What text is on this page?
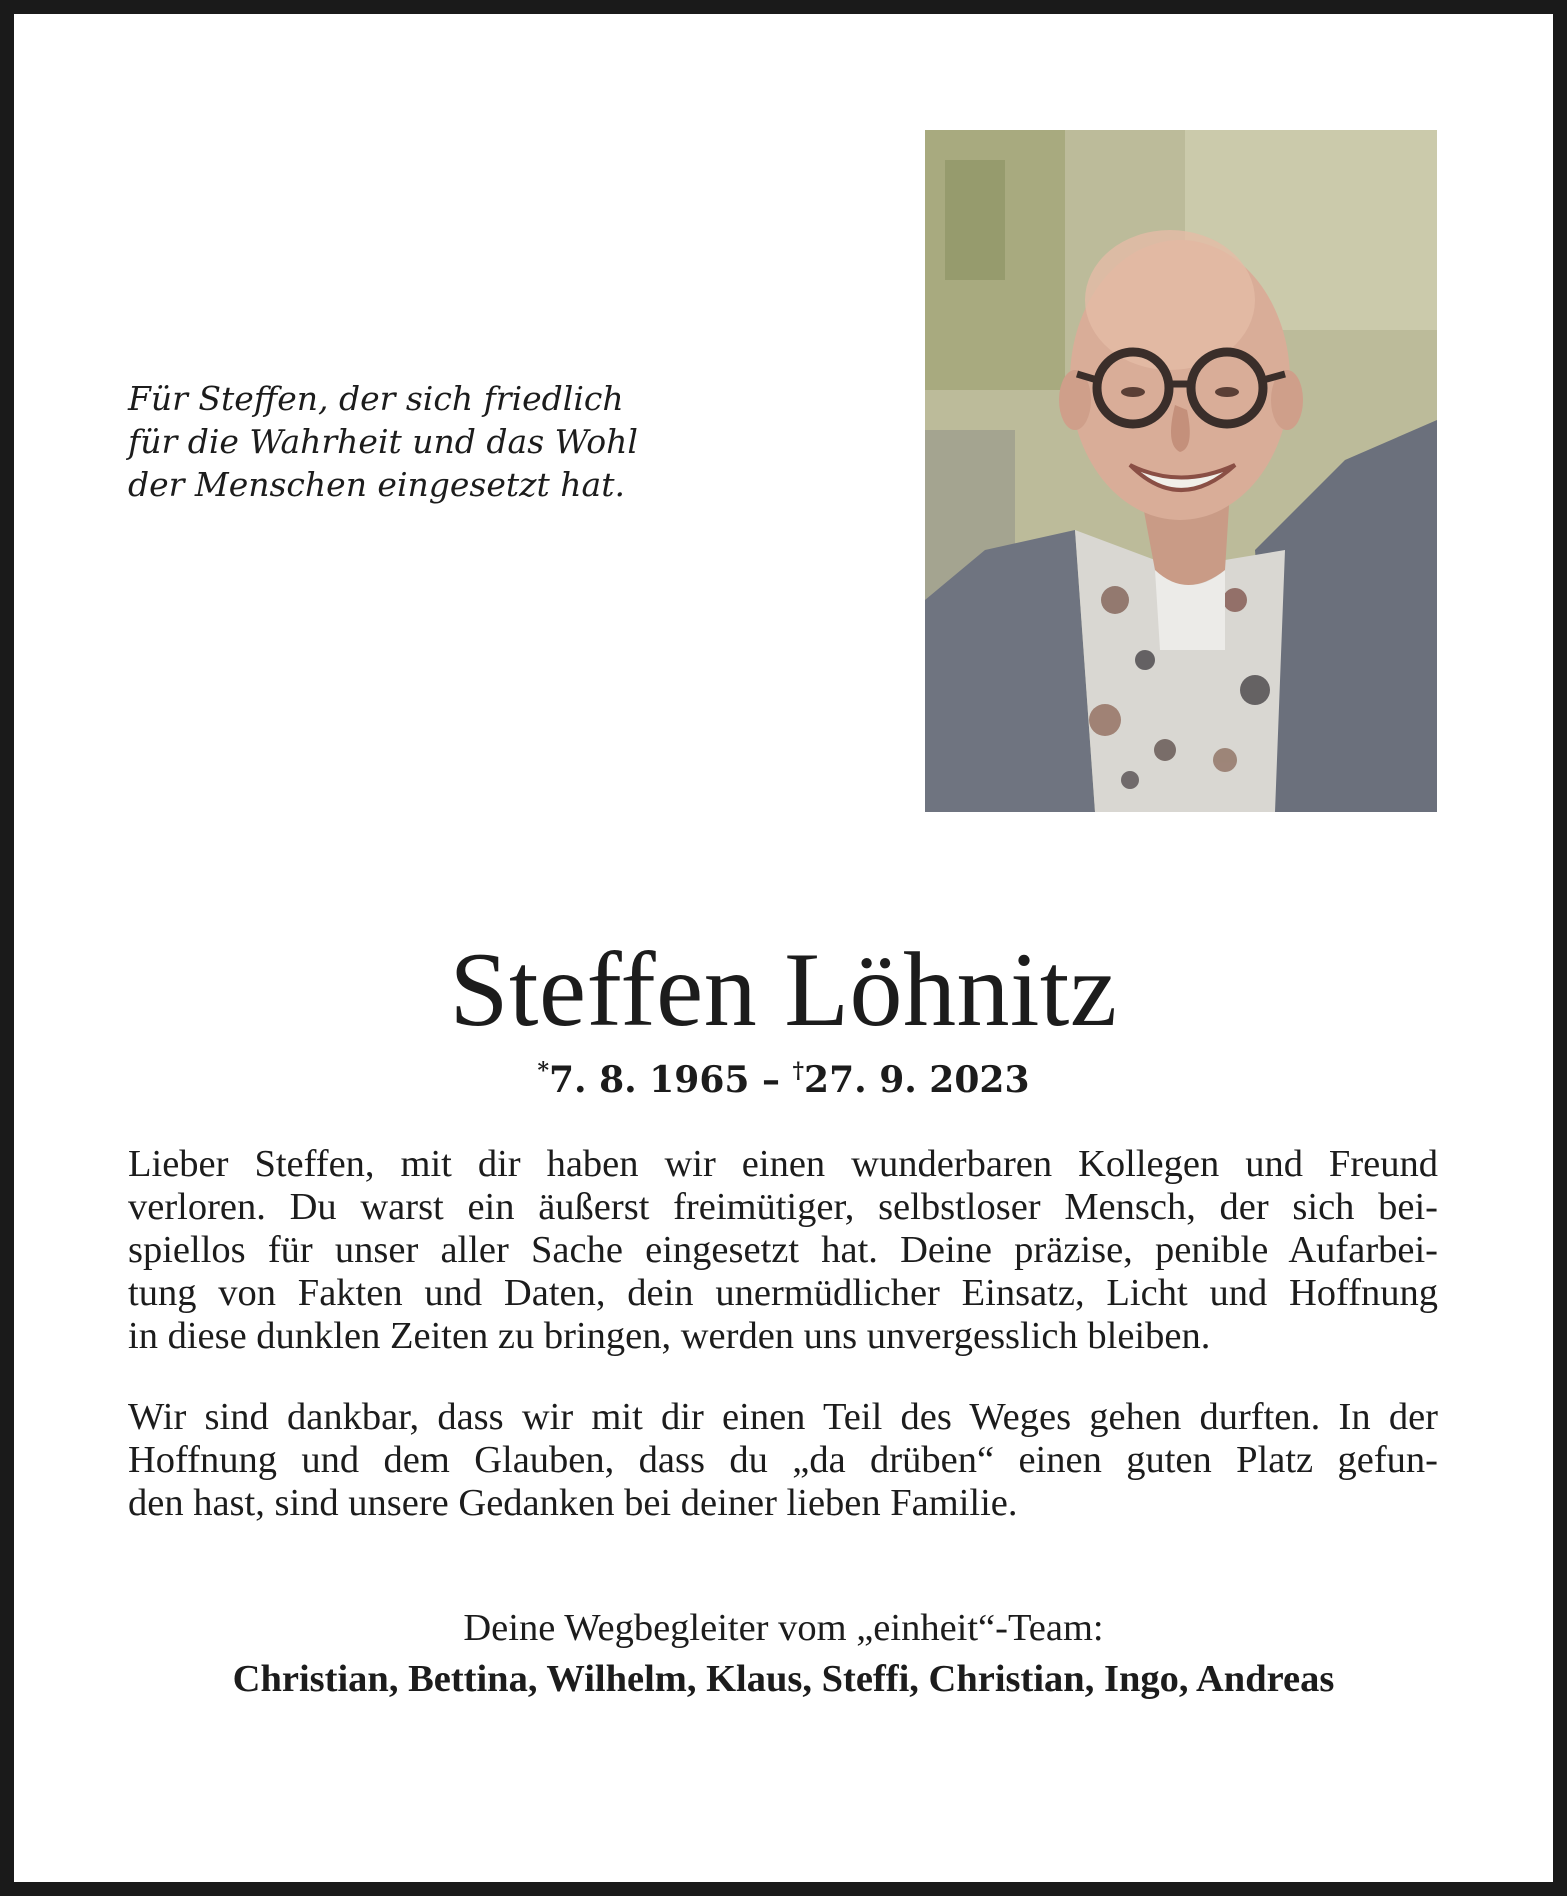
Für Steffen, der sich friedlich
für die Wahrheit und das Wohl
der Menschen eingesetzt hat.
Steffen Löhnitz
*7. 8. 1965 – †27. 9. 2023
Lieber Steffen, mit dir haben wir einen wunderbaren Kollegen und Freund
verloren. Du warst ein äußerst freimütiger, selbstloser Mensch, der sich bei-
spiellos für unser aller Sache eingesetzt hat. Deine präzise, penible Aufarbei-
tung von Fakten und Daten, dein unermüdlicher Einsatz, Licht und Hoffnung
in diese dunklen Zeiten zu bringen, werden uns unvergesslich bleiben.
Wir sind dankbar, dass wir mit dir einen Teil des Weges gehen durften. In der
Hoffnung und dem Glauben, dass du „da drüben“ einen guten Platz gefun-
den hast, sind unsere Gedanken bei deiner lieben Familie.
Deine Wegbegleiter vom „einheit“-Team:
Christian, Bettina, Wilhelm, Klaus, Steffi, Christian, Ingo, Andreas
